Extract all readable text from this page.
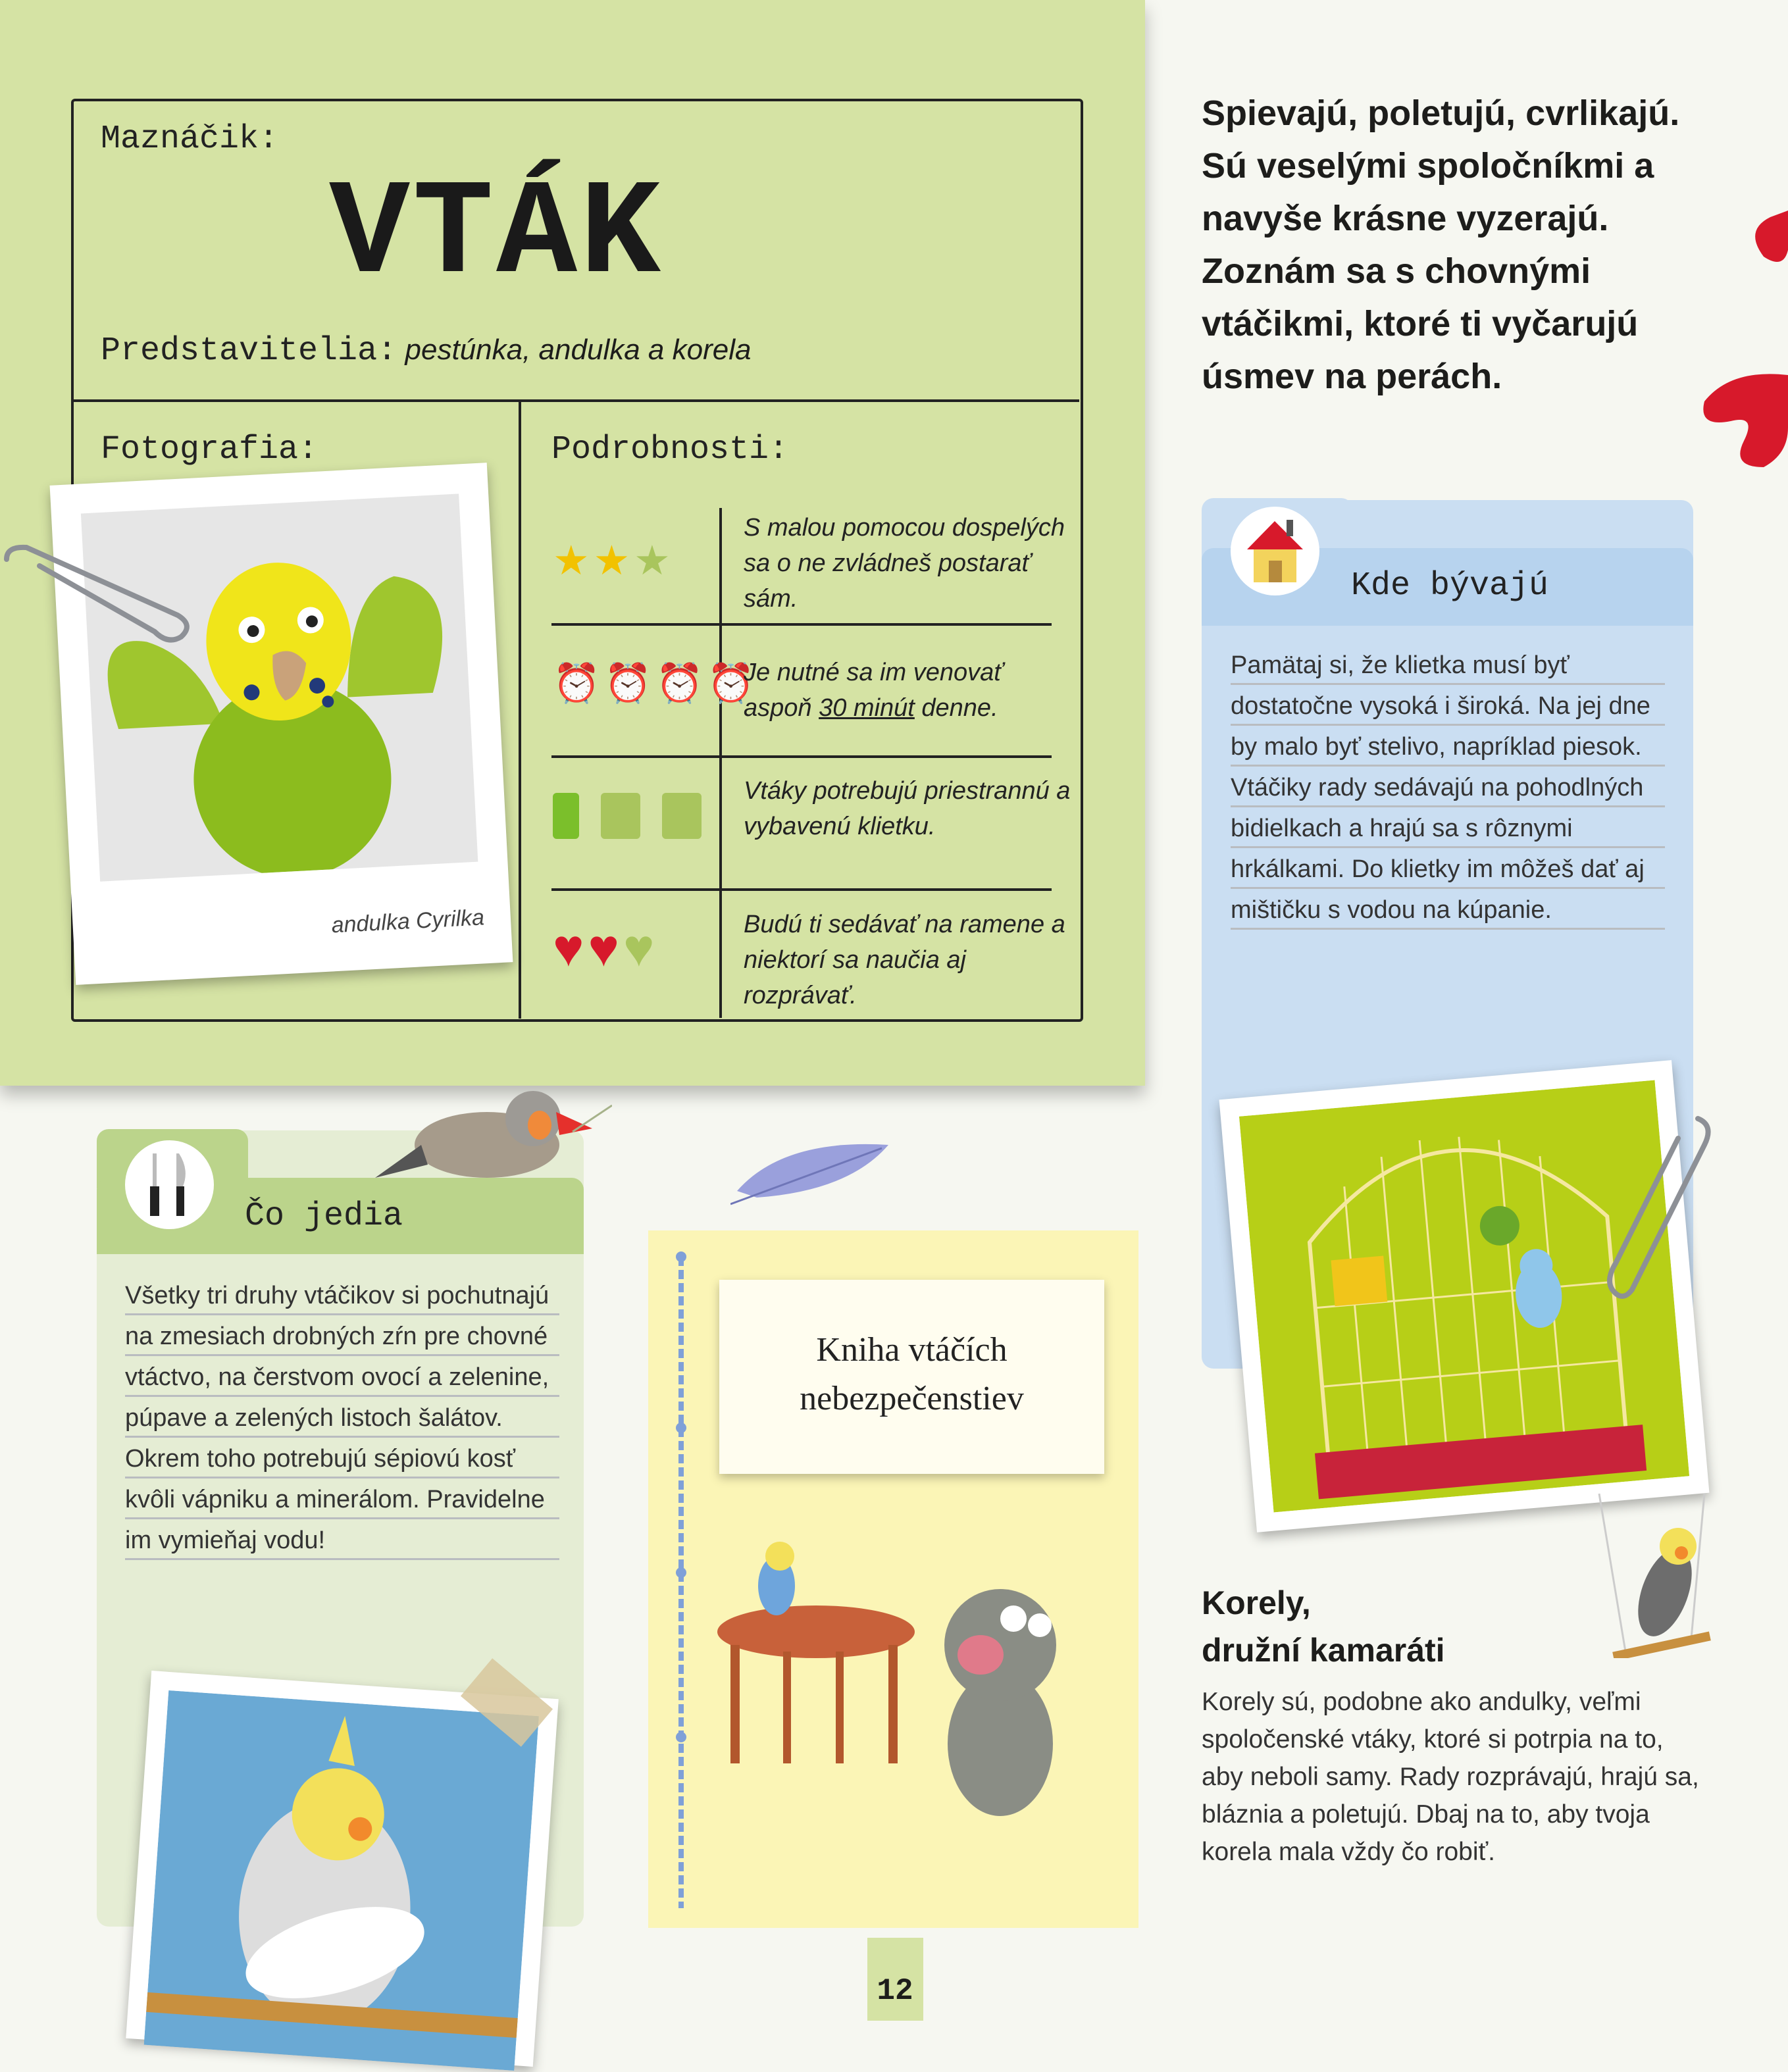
Maznáčik:
VTÁK
Predstavitelia: pestúnka, andulka a korela
Fotografia:	Podrobnosti:
★★★
S malou pomocou dospelých sa o ne zvládneš postarať sám.
⏰⏰⏰⏰
Je nutné sa im venovať aspoň 30 minút denne.

Vtáky potrebujú priestrannú a vybavenú klietku.
♥♥♥	Budú ti sedávať na ramene a niektorí sa naučia aj rozprávať.
andulka Cyrilka
Spievajú, poletujú, cvrlikajú. Sú veselými spoločníkmi a navyše krásne vyzerajú. Zoznám sa s chovnými vtáčikmi, ktoré ti vyčarujú úsmev na perách.
Kde bývajú
Pamätaj si, že klietka musí byť dostatočne vysoká i široká. Na jej dne by malo byť stelivo, napríklad piesok. Vtáčiky rady sedávajú na pohodlných bidielkach a hrajú sa s rôznymi hrkálkami. Do klietky im môžeš dať aj mištičku s vodou na kúpanie.
Čo jedia
Všetky tri druhy vtáčikov si pochutnajú na zmesiach drobných zŕn pre chovné vtáctvo, na čerstvom ovocí a zelenine, púpave a zelených listoch šalátov. Okrem toho potrebujú sépiovú kosť kvôli vápniku a minerálom. Pravidelne im vymieňaj vodu!
Kniha vtáčích
nebezpečenstiev
Korely,
družní kamaráti
Korely sú, podobne ako andulky, veľmi spoločenské vtáky, ktoré si potrpia na to, aby neboli samy. Rady rozprávajú, hrajú sa, bláznia a poletujú. Dbaj na to, aby tvoja korela mala vždy čo robiť.
12
